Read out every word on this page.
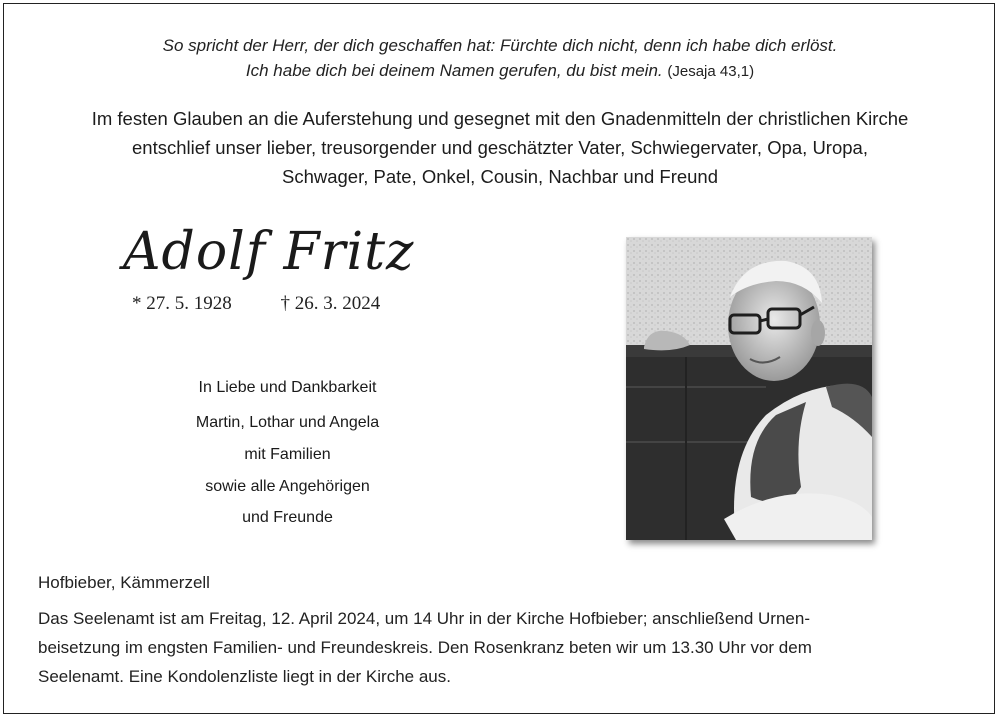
So spricht der Herr, der dich geschaffen hat: Fürchte dich nicht, denn ich habe dich erlöst.
Ich habe dich bei deinem Namen gerufen, du bist mein. (Jesaja 43,1)
Im festen Glauben an die Auferstehung und gesegnet mit den Gnadenmitteln der christlichen Kirche
entschlief unser lieber, treusorgender und geschätzter Vater, Schwiegervater, Opa, Uropa,
Schwager, Pate, Onkel, Cousin, Nachbar und Freund
Adolf Fritz
* 27. 5. 1928	† 26. 3. 2024
In Liebe und Dankbarkeit
Martin, Lothar und Angela
mit Familien
sowie alle Angehörigen
und Freunde
Hofbieber, Kämmerzell
Das Seelenamt ist am Freitag, 12. April 2024, um 14 Uhr in der Kirche Hofbieber; anschließend Urnen-
beisetzung im engsten Familien- und Freundeskreis. Den Rosenkranz beten wir um 13.30 Uhr vor dem
Seelenamt. Eine Kondolenzliste liegt in der Kirche aus.
